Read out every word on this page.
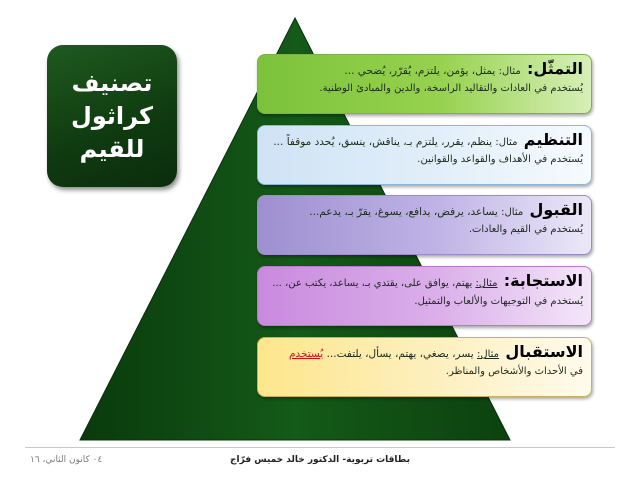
تصنيف
كراثول
للقيم
التمثّل: مثال: يمثل، يؤمن، يلتزم، يُقرّر، يُضحي ...
يُستخدم في العادات والتقاليد الراسخة، والدين والمبادئ الوطنية.
التنظيم مثال: ينظم، يقرر، يلتزم بـ، يناقش، ينسق، يُحدد موقفاً ...
يُستخدم في الأهداف والقواعد والقوانين.
القبول مثال: يساعد، يرفض، يدافع، يسوغ، يقرّ بـ، يدعم...
يُستخدم في القيم والعادات.
الاستجابة: مثال: يهتم، يوافق على، يقتدي بـ، يساعد، يكتب عن، ... يُستخدم في التوجيهات والألعاب والتمثيل.
الاستقبال مثال: يسر، يصغي، يهتم، يسأل، يلتفت... يُستخدم
في الأحداث والأشخاص والمناظر.
بطاقات تربوية- الدكتور خالد خميس فرّاج
٠٤ كانون الثاني، ١٦
